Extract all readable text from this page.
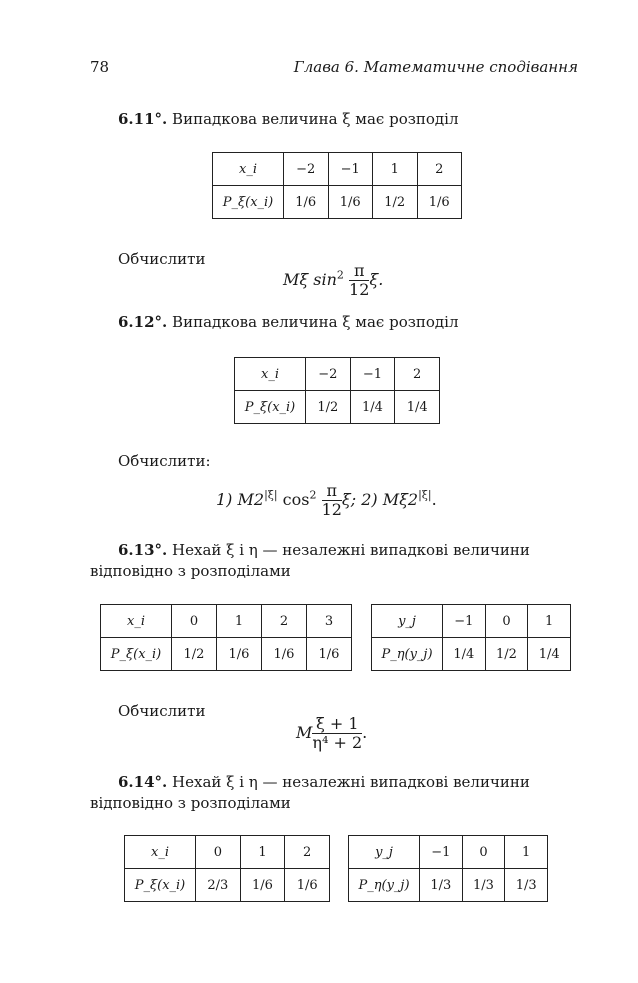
78	Глава 6. Математичне сподівання
6.11°. Випадкова величина ξ має розподіл
x_i	−2	−1	1	2
P_ξ(x_i)	1/6	1/6	1/2	1/6
Обчислити
Mξ $\sin^2 \frac{\pi}{12} \xi$.
6.12°. Випадкова величина ξ має розподіл
x_i	−2	−1	2
P_ξ(x_i)	1/2	1/4	1/4
Обчислити:
1) $M2^{|\xi|}$ $\cos^2 \frac{\pi}{12} \xi$; 2) $M\xi 2^{|\xi|}$.
6.13°. Нехай ξ і η — незалежні випадкові величини
відповідно з розподілами
x_i	0	1	2	3
P_ξ(x_i)	1/2	1/6	1/6	1/6
y_j	−1	0	1
P_η(y_j)	1/4	1/2	1/4
Обчислити
M $\frac{\xi + 1}{\text{η⁴ + 2}}$ .
6.14°. Нехай ξ і η — незалежні випадкові величини
відповідно з розподілами
x_i	0	1	2
P_ξ(x_i)	2/3	1/6	1/6
y_j	−1	0	1
P_η(y_j)	1/3	1/3	1/3
